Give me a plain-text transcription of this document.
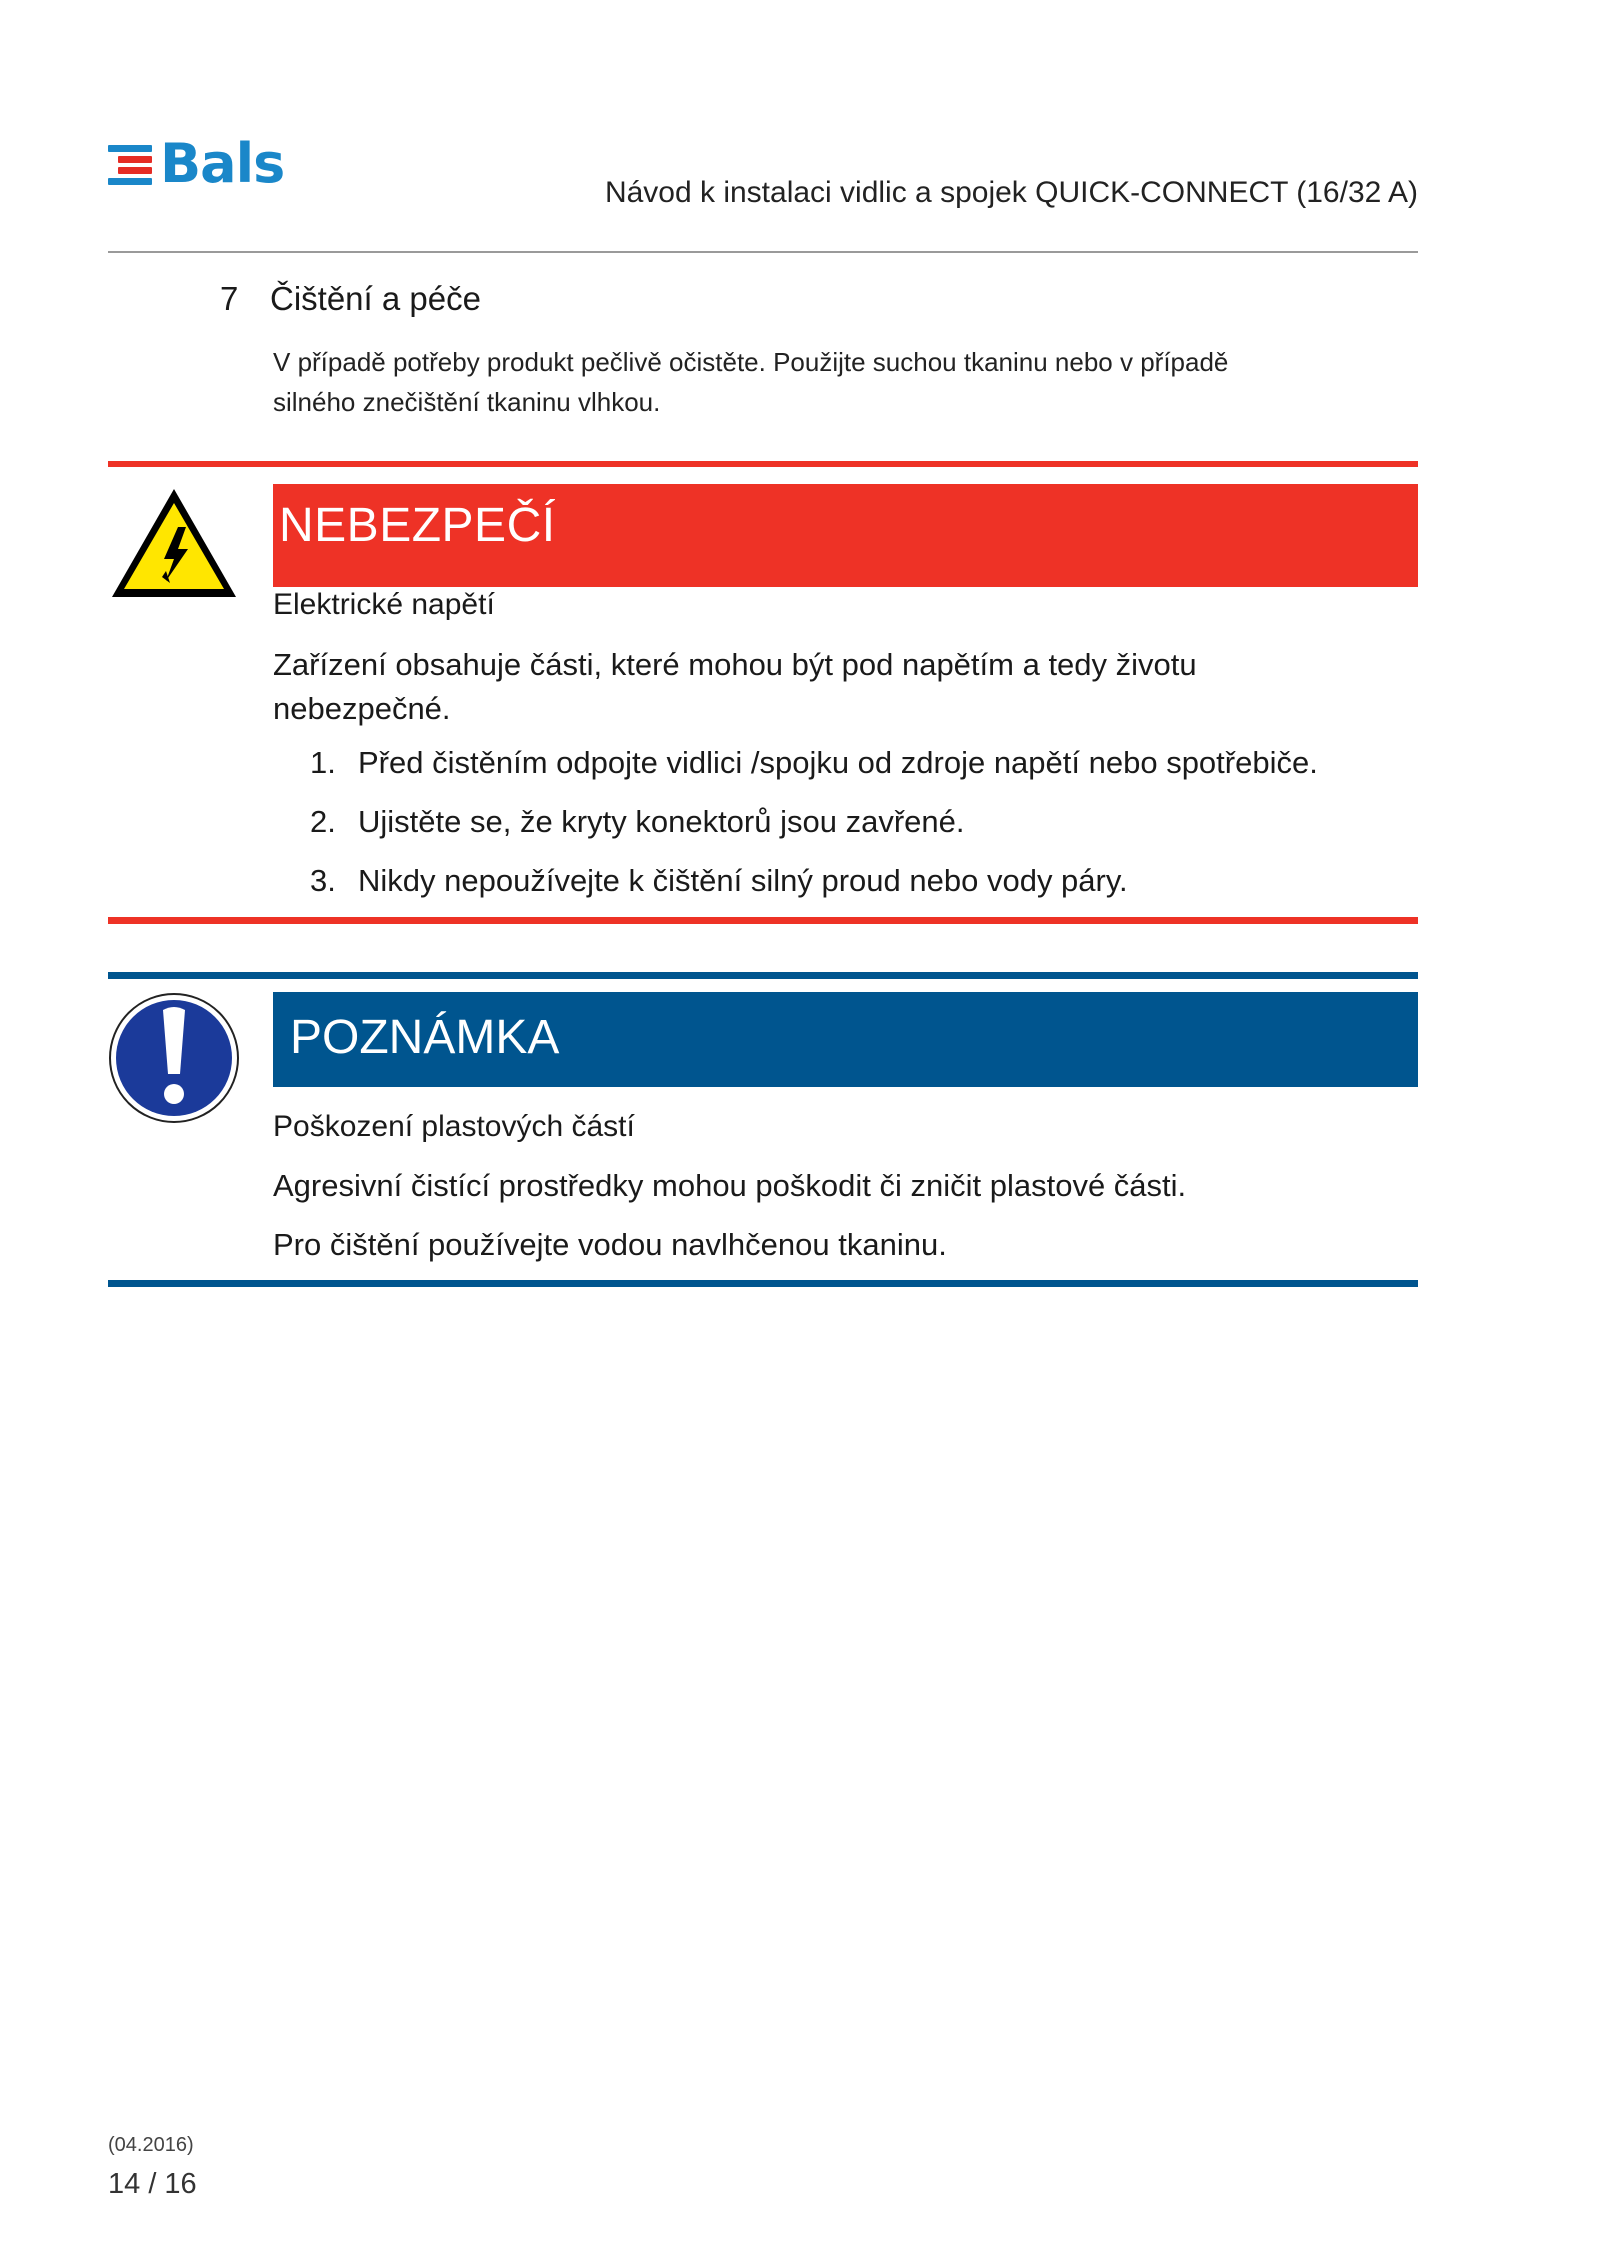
Bals	Návod k instalaci vidlic a spojek QUICK-CONNECT (16/32 A)
7 Čištění a péče
V případě potřeby produkt pečlivě očistěte. Použijte suchou tkaninu nebo v případě
silného znečištění tkaninu vlhkou.
NEBEZPEČÍ
Elektrické napětí
Zařízení obsahuje části, které mohou být pod napětím a tedy životu
nebezpečné.
1. Před čistěním odpojte vidlici /spojku od zdroje napětí nebo spotřebiče.
2. Ujistěte se, že kryty konektorů jsou zavřené.
3. Nikdy nepoužívejte k čištění silný proud nebo vody páry.
POZNÁMKA
Poškození plastových částí
Agresivní čistící prostředky mohou poškodit či zničit plastové části.
Pro čištění používejte vodou navlhčenou tkaninu.
(04.2016)
14 / 16
